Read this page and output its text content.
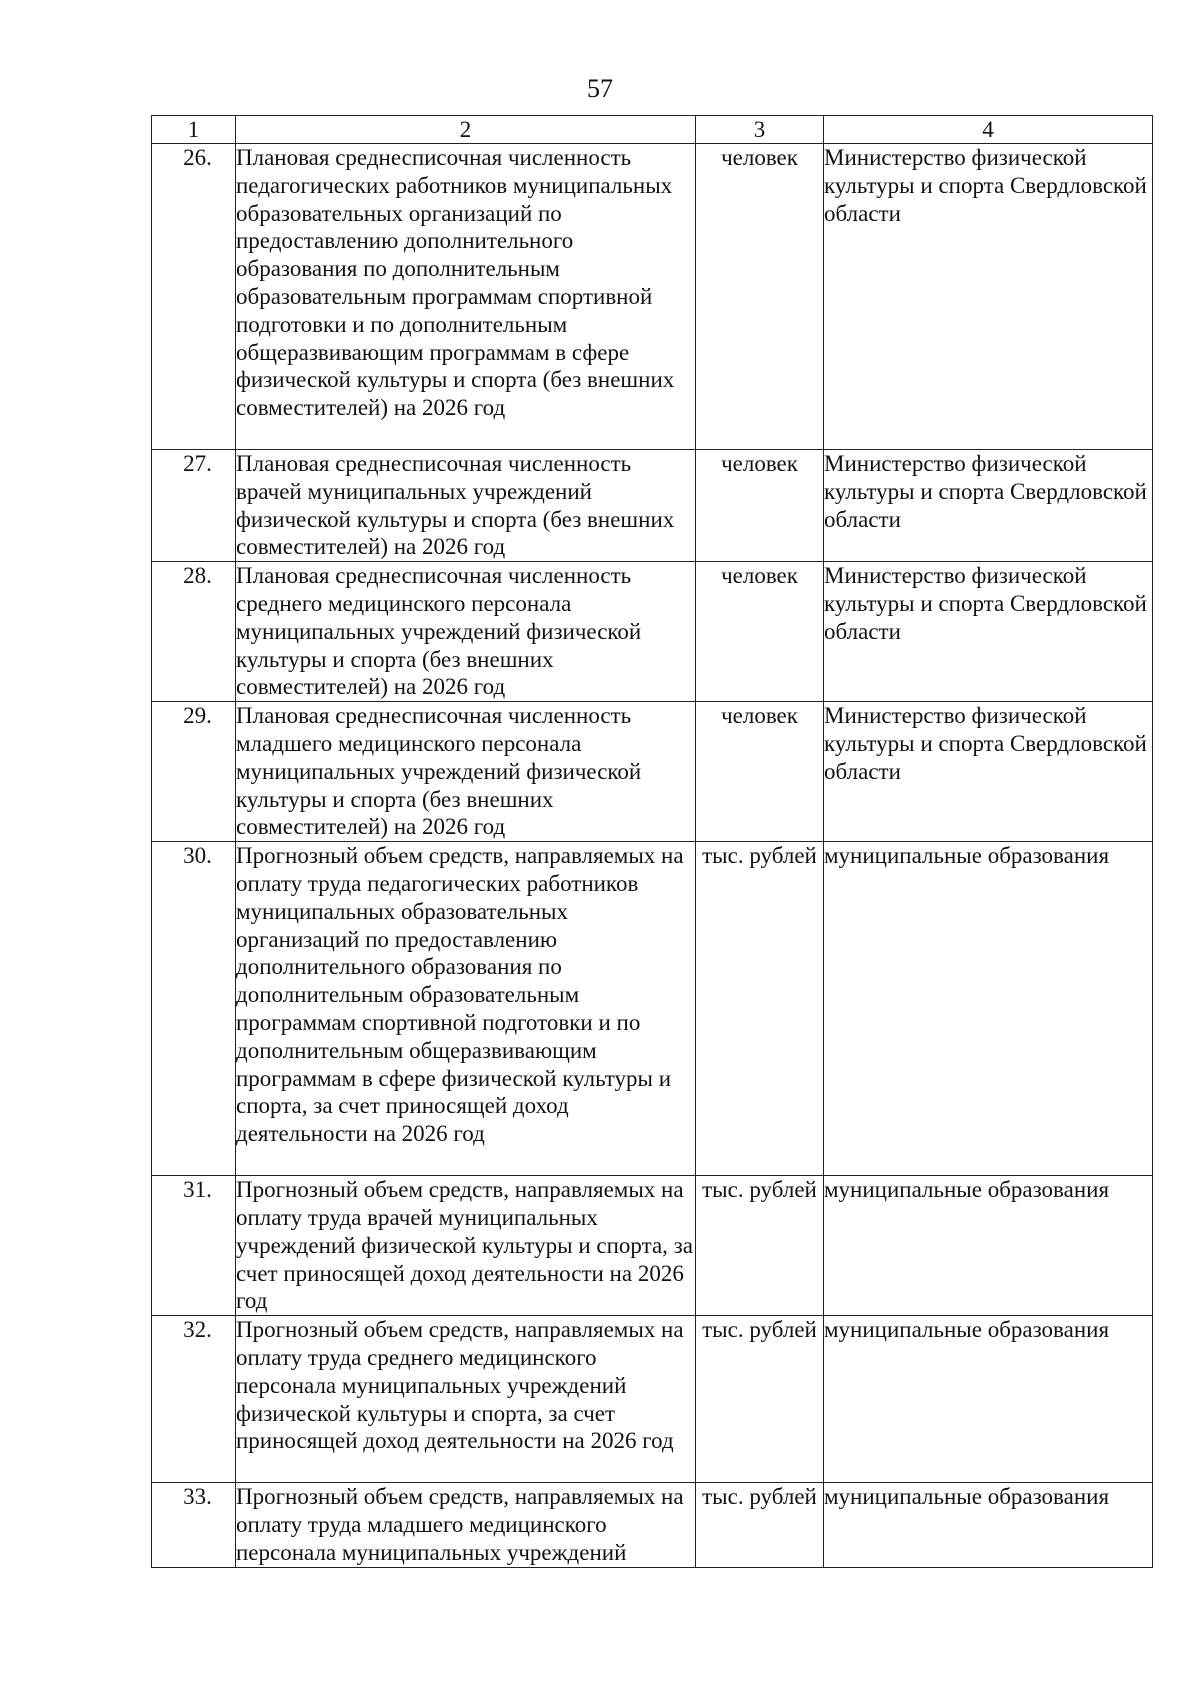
57
1	2	3	4
26.	Плановая среднесписочная численность педагогических работников муниципальных образовательных организаций по предоставлению дополнительного образования по дополнительным образовательным программам спортивной подготовки и по дополнительным общеразвивающим программам в сфере физической культуры и спорта (без внешних совместителей) на 2026 год	человек	Министерство физической культуры и спорта Свердловской области
27.	Плановая среднесписочная численность врачей муниципальных учреждений физической культуры и спорта (без внешних совместителей) на 2026 год	человек	Министерство физической культуры и спорта Свердловской области
28.	Плановая среднесписочная численность среднего медицинского персонала муниципальных учреждений физической культуры и спорта (без внешних совместителей) на 2026 год	человек	Министерство физической культуры и спорта Свердловской области
29.	Плановая среднесписочная численность младшего медицинского персонала муниципальных учреждений физической культуры и спорта (без внешних совместителей) на 2026 год	человек	Министерство физической культуры и спорта Свердловской области
30.	Прогнозный объем средств, направляемых на оплату труда педагогических работников муниципальных образовательных организаций по предоставлению дополнительного образования по дополнительным образовательным программам спортивной подготовки и по дополнительным общеразвивающим программам в сфере физической культуры и спорта, за счет приносящей доход деятельности на 2026 год	тыс. рублей	муниципальные образования
31.	Прогнозный объем средств, направляемых на оплату труда врачей муниципальных учреждений физической культуры и спорта, за счет приносящей доход деятельности на 2026 год	тыс. рублей	муниципальные образования
32.	Прогнозный объем средств, направляемых на оплату труда среднего медицинского персонала муниципальных учреждений физической культуры и спорта, за счет приносящей доход деятельности на 2026 год	тыс. рублей	муниципальные образования
33.	Прогнозный объем средств, направляемых на оплату труда младшего медицинского персонала муниципальных учреждений	тыс. рублей	муниципальные образования
